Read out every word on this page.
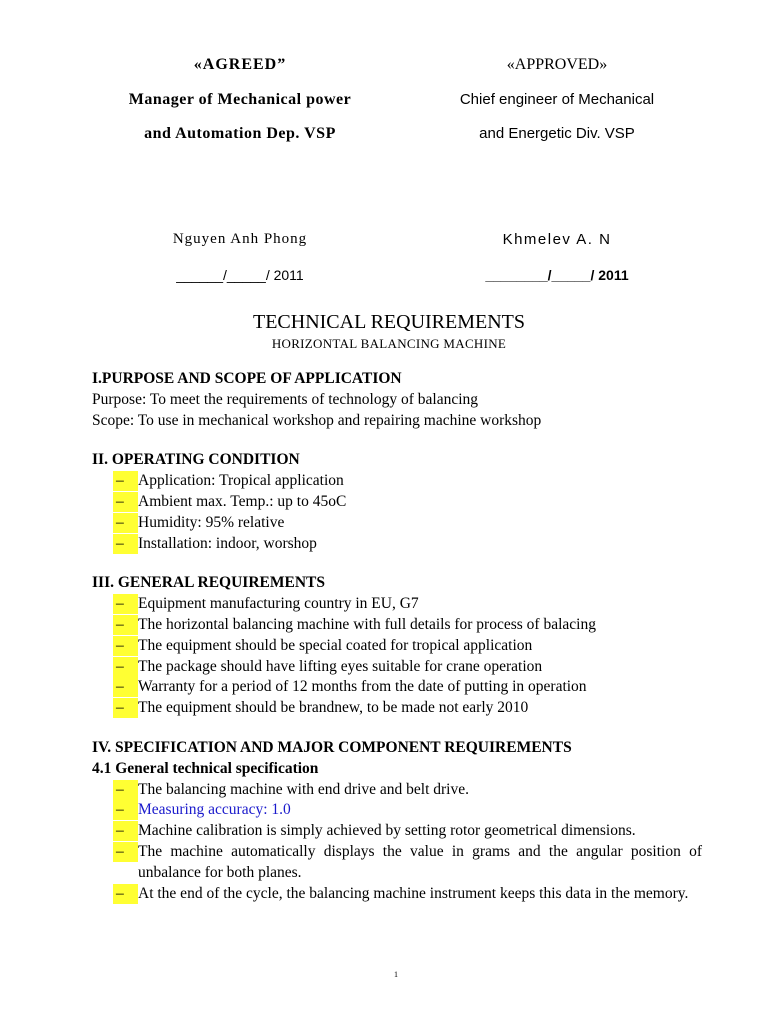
«AGREED”	«APPROVED»
Manager of Mechanical power	Chief engineer of Mechanical
and Automation Dep. VSP	and Energetic Div. VSP
Nguyen Anh Phong	Khmelev A. N
______/_____/ 2011	________/_____/ 2011
TECHNICAL REQUIREMENTS
HORIZONTAL BALANCING MACHINE
I.PURPOSE AND SCOPE OF APPLICATION
Purpose: To meet the requirements of technology of balancing
Scope: To use in mechanical workshop and repairing machine workshop
II. OPERATING CONDITION
–
Application: Tropical application
–
Ambient max. Temp.: up to 45oC
–
Humidity: 95% relative
–
Installation: indoor, worshop
III. GENERAL REQUIREMENTS
–
Equipment manufacturing country in EU, G7
–
The horizontal balancing machine with full details for process of balacing
–
The equipment should be special coated for tropical application
–
The package should have lifting eyes suitable for crane operation
–
Warranty for a period of 12 months from the date of putting in operation
–
The equipment should be brandnew, to be made not early 2010
IV. SPECIFICATION AND MAJOR COMPONENT REQUIREMENTS
4.1 General technical specification
–
The balancing machine with end drive and belt drive.
–
Measuring accuracy: 1.0
–
Machine calibration is simply achieved by setting rotor geometrical dimensions.
–
The machine automatically displays the value in grams and the angular position of unbalance for both planes.
–
At the end of the cycle, the balancing machine instrument keeps this data in the memory.
1
